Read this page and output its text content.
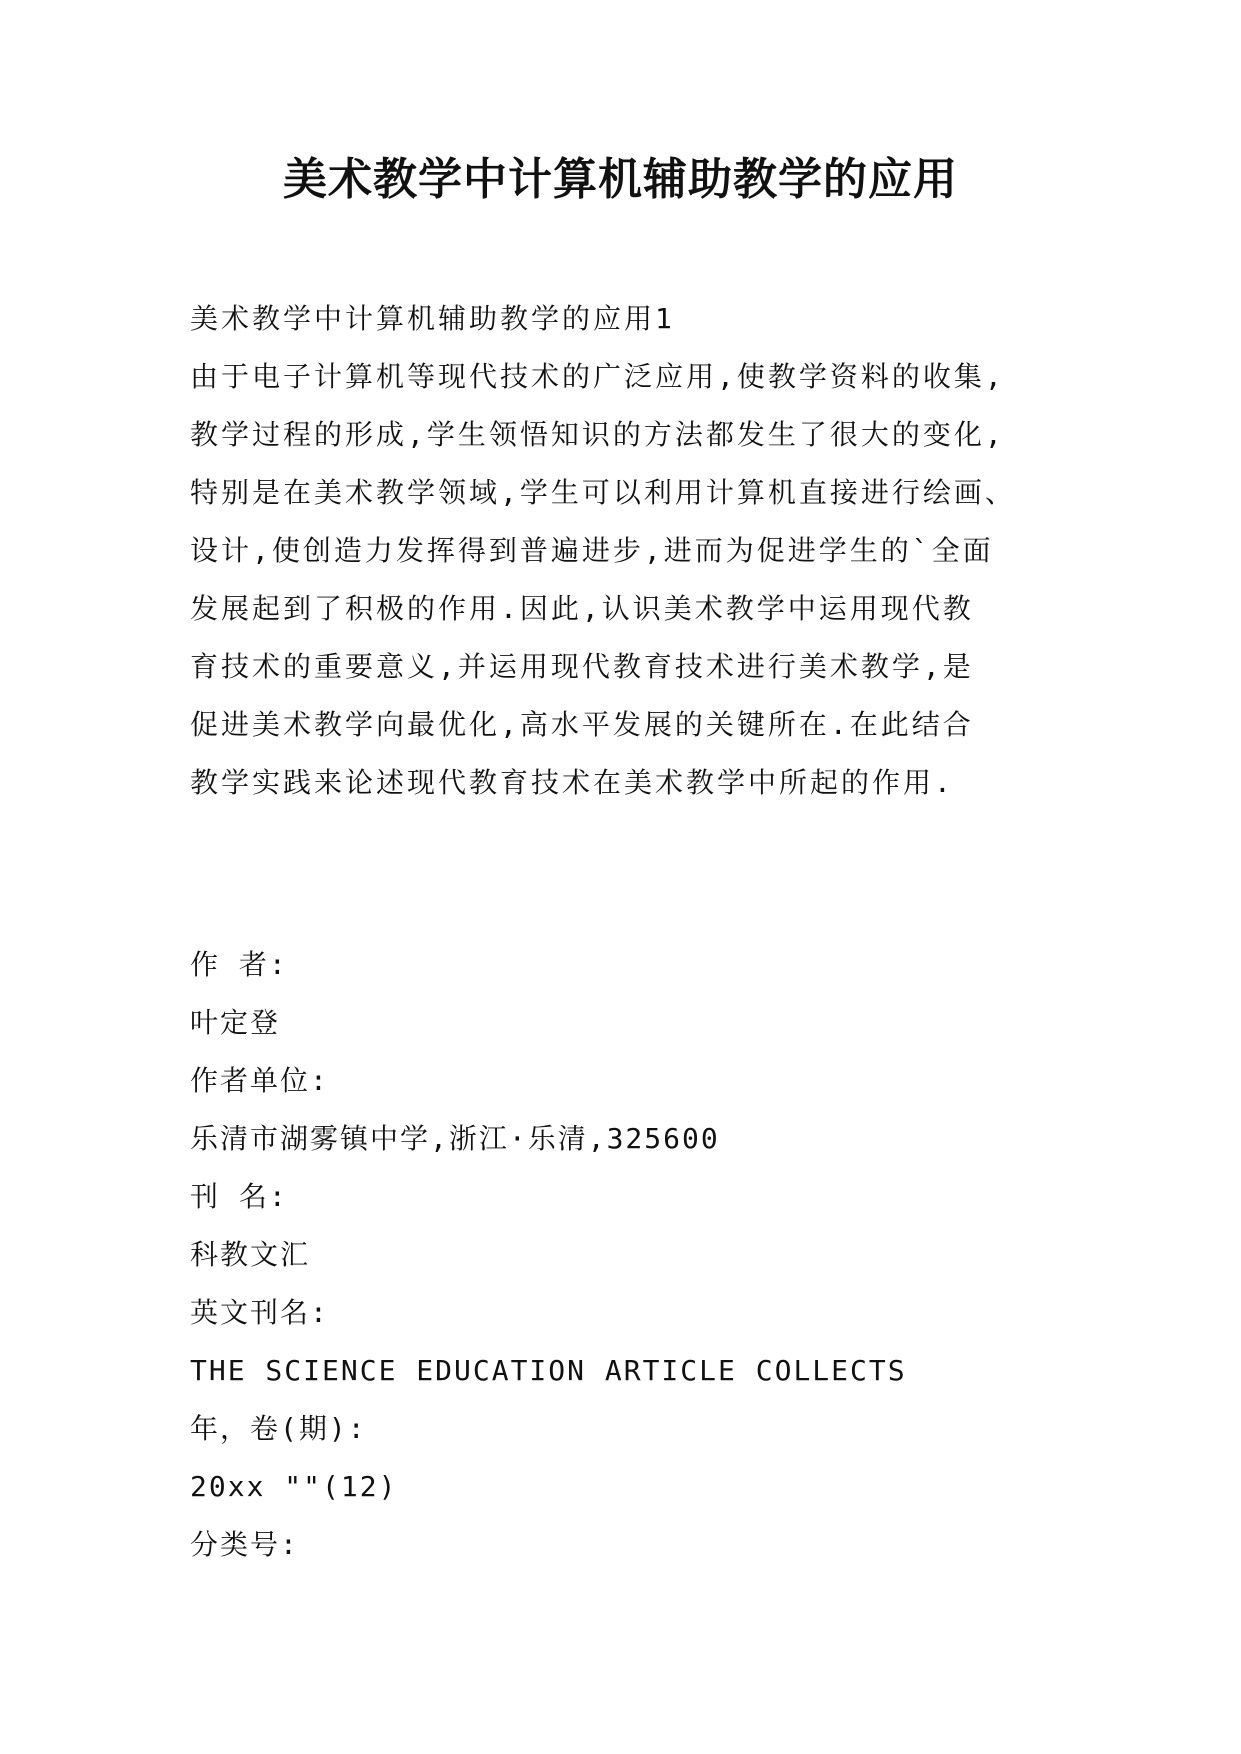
美术教学中计算机辅助教学的应用
美术教学中计算机辅助教学的应用1
由于电子计算机等现代技术的广泛应用,使教学资料的收集,
教学过程的形成,学生领悟知识的方法都发生了很大的变化,
特别是在美术教学领域,学生可以利用计算机直接进行绘画、
设计,使创造力发挥得到普遍进步,进而为促进学生的`全面
发展起到了积极的作用.因此,认识美术教学中运用现代教
育技术的重要意义,并运用现代教育技术进行美术教学,是
促进美术教学向最优化,高水平发展的关键所在.在此结合
教学实践来论述现代教育技术在美术教学中所起的作用.
作 者:
叶定登
作者单位:
乐清市湖雾镇中学,浙江·乐清,325600
刊 名:
科教文汇
英文刊名:
THE SCIENCE EDUCATION ARTICLE COLLECTS
年，卷(期):
20xx ""(12)
分类号:
